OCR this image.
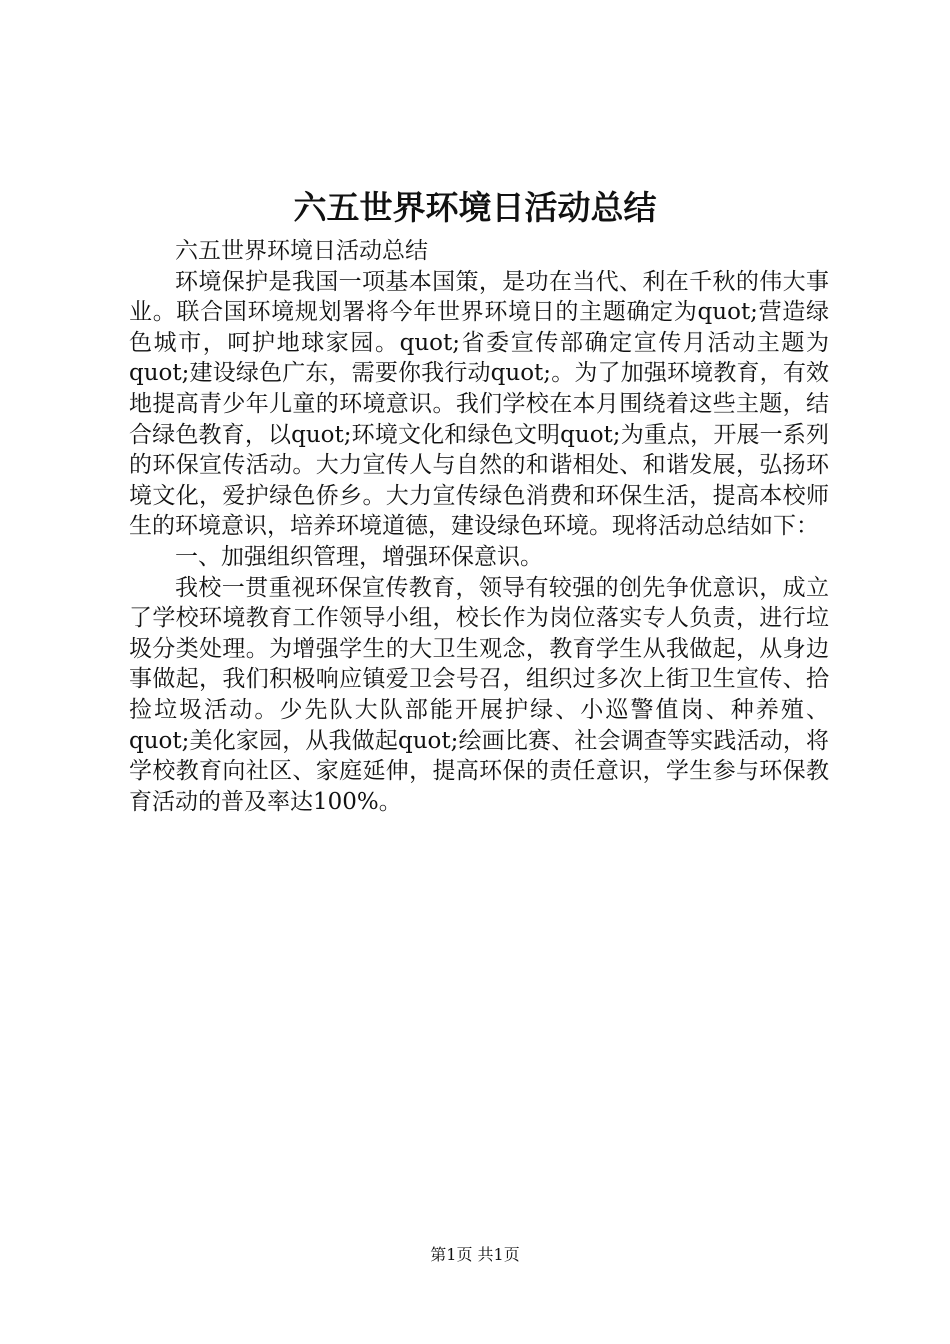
六五世界环境日活动总结

六五世界环境日活动总结

环境保护是我国一项基本国策，是功在当代、利在千秋的伟大事业。联合国环境规划署将今年世界环境日的主题确定为quot;营造绿色城市，呵护地球家园。quot;省委宣传部确定宣传月活动主题为quot;建设绿色广东，需要你我行动quot;。为了加强环境教育，有效地提高青少年儿童的环境意识。我们学校在本月围绕着这些主题，结合绿色教育，以quot;环境文化和绿色文明quot;为重点，开展一系列的环保宣传活动。大力宣传人与自然的和谐相处、和谐发展，弘扬环境文化，爱护绿色侨乡。大力宣传绿色消费和环保生活，提高本校师生的环境意识，培养环境道德，建设绿色环境。现将活动总结如下：

一、加强组织管理，增强环保意识。

我校一贯重视环保宣传教育，领导有较强的创先争优意识，成立了学校环境教育工作领导小组，校长作为岗位落实专人负责，进行垃圾分类处理。为增强学生的大卫生观念，教育学生从我做起，从身边事做起，我们积极响应镇爱卫会号召，组织过多次上街卫生宣传、拾捡垃圾活动。少先队大队部能开展护绿、小巡警值岗、种养殖、quot;美化家园，从我做起quot;绘画比赛、社会调查等实践活动，将学校教育向社区、家庭延伸，提高环保的责任意识，学生参与环保教育活动的普及率达100%。

第1页 共1页
